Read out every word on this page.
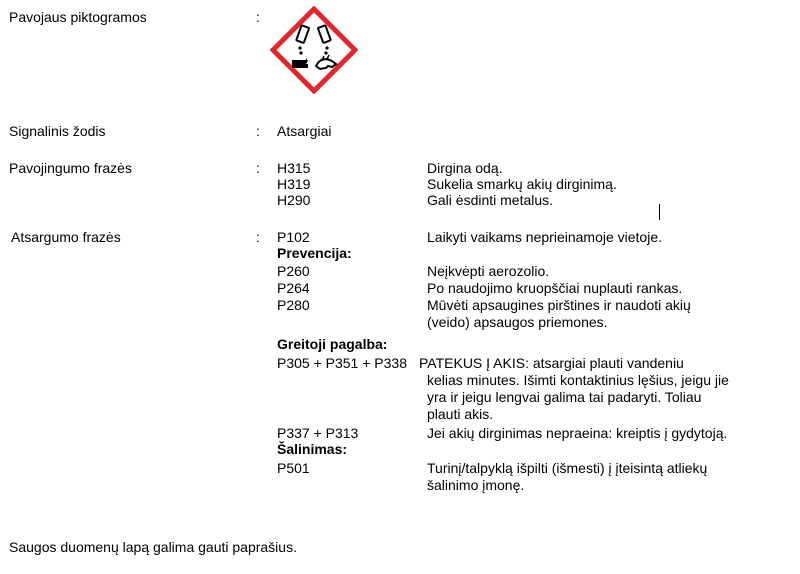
Pavojaus piktogramos	:
Signalinis žodis	: Atsargiai
Pavojingumo frazės	: H315	Dirgina odą.
H319	Sukelia smarkų akių dirginimą.
H290	Gali ėsdinti metalus.
Atsargumo frazės	: P102	Laikyti vaikams neprieinamoje vietoje.
Prevencija:
P260	Neįkvėpti aerozolio.
P264	Po naudojimo kruopščiai nuplauti rankas.
P280	Mūvėti apsaugines pirštines ir naudoti akių
(veido) apsaugos priemones.
Greitoji pagalba:
P305 + P351 + P338 PATEKUS Į AKIS: atsargiai plauti vandeniu
kelias minutes. Išimti kontaktinius lęšius, jeigu jie
yra ir jeigu lengvai galima tai padaryti. Toliau
plauti akis.
P337 + P313	Jei akių dirginimas nepraeina: kreiptis į gydytoją.
Šalinimas:
P501	Turinį/talpyklą išpilti (išmesti) į įteisintą atliekų
šalinimo įmonę.
Saugos duomenų lapą galima gauti paprašius.
